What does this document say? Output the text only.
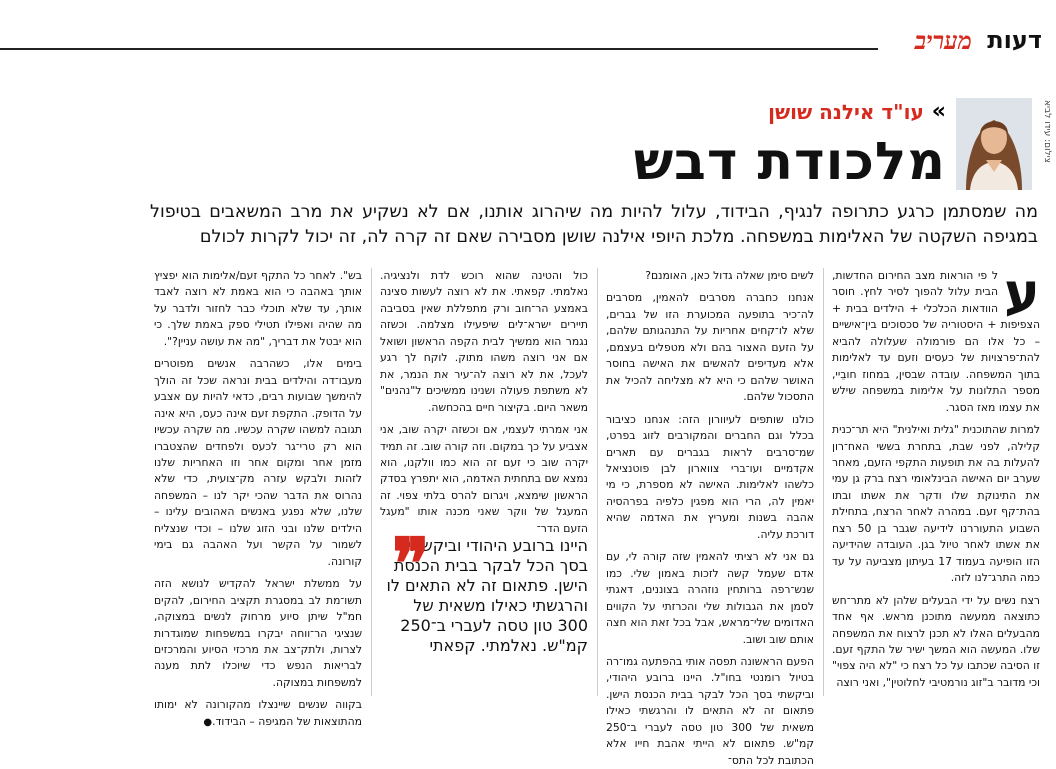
דעות
מעריב
צילום: עידו לביא
»
עו"ד אילנה שושן
מלכודת דבש
מה שמסתמן כרגע כתרופה לנגיף, הבידוד, עלול להיות מה שיהרוג אותנו, אם לא נשקיע את מרב המשאבים בטיפול במגיפה השקטה של האלימות במשפחה. מלכת היופי אילנה שושן מסבירה שאם זה קרה לה, זה יכול לקרות לכולם

ע
ל פי הוראות מצב החירום החדשות, הבית עלול להפוך לסיר לחץ. חוסר הוודאות הכלכלי + הילדים בבית + הצפיפות + היסטוריה של סכסוכים בין־אישיים – כל אלו הם פורמולה שעלולה להביא להת־פרצויות של כעסים וזעם עד לאלימות בתוך המשפחה. עובדה שבסין, במחוז חובֵיי, מספר התלונות על אלימות במשפחה שילש את עצמו מאז הסגר.

למרות שהתוכנית "גלית ואילנית" היא תר־כנית קלילה, לפני שבת, בתחרת בששי האח־רון להעלות בה את תופעות התקפי הזעם, מאחר שערב יום האישה הבינלאומי רצח ברק גן עמי את התינוקת שלו ודקר את אשתו ובתו בהת־קף זעם. במהרה לאחר הרצח, בתחילת השבוע התעוררנו לידיעה שגבר בן 50 רצח את אשתו לאחר טיול בגן. העובדה שהידיעה הזו הופיעה בעמוד 17 בעיתון מצביעה על עד כמה התרג־לנו לזה.

רצח נשים על ידי הבעלים שלהן לא מתר־חש כתוצאה ממעשה מתוכנן מראש. אף אחד מהבעלים האלו לא תכנן לרצוח את המשפחה שלו. המעשה הוא המשך ישיר של התקף זעם. זו הסיבה שכתבו על כל רצח כי "לא היה צפוי" וכי מדובר ב"זוג נורמטיבי לחלוטין", ואני רוצה

לשים סימן שאלה גדול כאן, האומנם?

אנחנו כחברה מסרבים להאמין, מסרבים לה־כיר בתופעה המכוערת הזו של גברים, שלא לו־קחים אחריות על התנהגותם שלהם, על הזעם האצור בהם ולא מטפלים בעצמם, אלא מעדיפים להאשים את האישה בחוסר האושר שלהם כי היא לא מצליחה להכיל את התסכול שלהם.

כולנו שותפים לעיוורון הזה: אנחנו כציבור בכלל וגם החברים והמקורבים לזוג בפרט, שמ־סרבים לראות בגברים עם תארים אקדמיים ועו־ברי צווארון לבן פוטנציאל כלשהו לאלימות. האישה לא מספרת, כי מי יאמין לה, הרי הוא מפגין כלפיה בפרהסיה אהבה בשנות ומעריץ את האדמה שהיא דורכת עליה.

גם אני לא רציתי להאמין שזה קורה לי, עם אדם שעמל קשה לזכות באמון שלי. כמו שנש־רפה ברותחין נוזהרה בצוננים, דאגתי לסמן את הגבולות שלי והכרזתי על הקווים האדומים שלי־מראש, אבל בכל זאת הוא חצה אותם שוב ושוב.

הפעם הראשונה תפסה אותי בהפתעה גמו־רה בטיול רומנטי בחו"ל. היינו ברובע היהודי, וביקשתי בסך הכל לבקר בבית הכנסת הישן. פתאום זה לא התאים לו והרגשתי כאילו משאית של 300 טון טסה לעברי ב־250 קמ"ש. פתאום לא הייתי אהבת חייו אלא הכתובת לכל התס־

כול והטינה שהוא רוכש לדת ולנציגיה. נאלמתי. קפאתי. את לא רוצה לעשות סצינה באמצע הר־חוב ורק מתפללת שאין בסביבה תיירים ישרא־לים שיפעילו מצלמה. וכשזה נגמר הוא ממשיך לבית הקפה הראשון ושואל אם אני רוצה משהו מתוק. לוקח לך רגע לעכל, את לא רוצה לה־עיר את הנמר, את לא משתפת פעולה ושנינו ממשיכים ל"נהנים" משאר היום. בקיצור חיים בהכחשה.

אני אמרתי לעצמי, אם וכשזה יקרה שוב, אני אצביע על כך במקום. וזה קורה שוב. זה תמיד יקרה שוב כי זעם זה הוא כמו וולקנו, הוא נמצא שם בתחתית האדמה, הוא יתפרץ בסדק הראשון שימצא, ויגרום להרס בלתי צפוי. זה המעגל של ווקר שאני מכנה אותו "מעגל הזעם הדר־

❞
היינו ברובע היהודי וביקשתי בסך הכל לבקר בבית הכנסת הישן. פתאום זה לא התאים לו והרגשתי כאילו משאית של 300 טון טסה לעברי ב־250 קמ"ש. נאלמתי. קפאתי

בש". לאחר כל התקף זעם/אלימות הוא יפציץ אותך באהבה כי הוא באמת לא רוצה לאבד אותך, עד שלא תוכלי כבר לחזור ולדבר על מה שהיה ואפילו תטילי ספק באמת שלך. כי הוא יבטל את דבריך, "מה את עושה עניין?".

בימים אלו, כשהרבה אנשים מפוטרים מעבו־דה והילדים בבית ונראה שכל זה הולך להימשך שבועות רבים, כדאי להיות עם אצבע על הדופק. התקפת זעם אינה כעס, היא אינה תגובה למשהו שקרה עכשיו. מה שקרה עכשיו הוא רק טרי־גר לכעס ולפחדים שהצטברו מזמן אחר ומקום אחר וזו האחריות שלנו לזהות ולבקש עזרה מק־צועית, כדי שלא נהרוס את הדבר שהכי יקר לנו – המשפחה שלנו, שלא נפגע באנשים האהובים עלינו – הילדים שלנו ובני הזוג שלנו – וכדי שנצליח לשמור על הקשר ועל האהבה גם בימי קורונה.

על ממשלת ישראל להקדיש לנושא הזה תשו־מת לב במסגרת תקציב החירום, להקים חמ"ל שיתן סיוע מרחוק לנשים במצוקה, שנציגי הר־ווחה יבקרו במשפחות שמוגדרות לצרות, ולתק־צב את מרכזי הסיוע והמרכזים לבריאות הנפש כדי שיוכלו לתת מענה למשפחות במצוקה.

בקווה שנשים שיינצלו מהקורונה לא ימותו מהתוצאות של המגיפה – הבידוד.●
